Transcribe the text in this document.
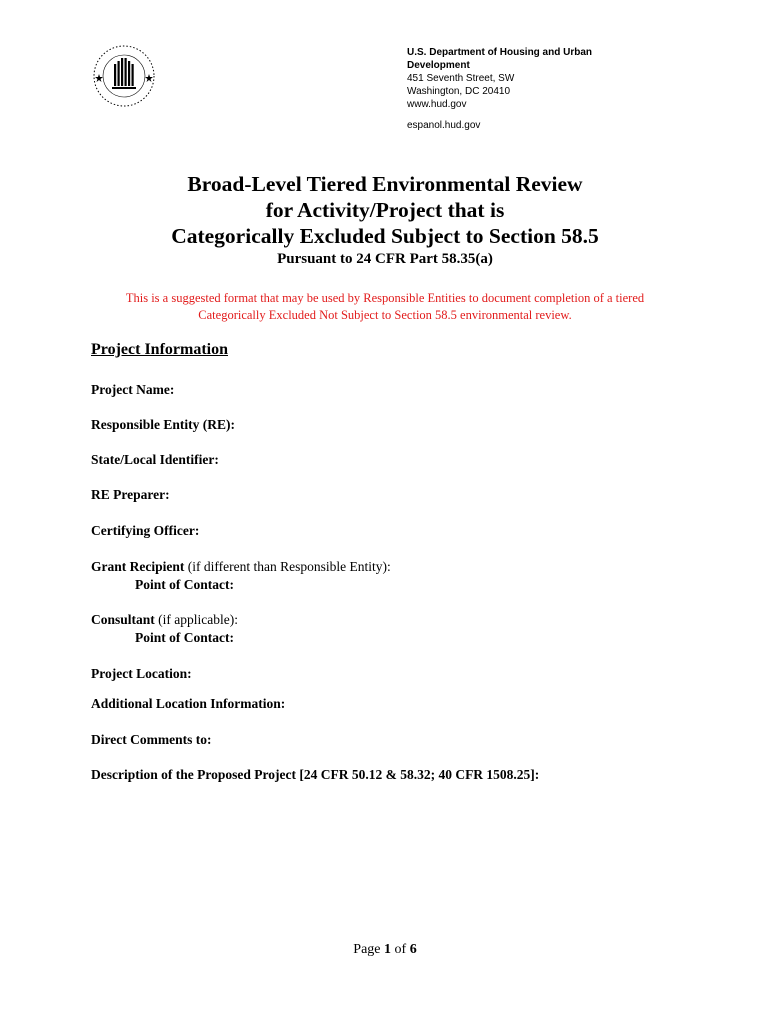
U.S. Department of Housing and Urban
Development
451 Seventh Street, SW
Washington, DC 20410
www.hud.gov
espanol.hud.gov
Broad-Level Tiered Environmental Review
for Activity/Project that is
Categorically Excluded Subject to Section 58.5
Pursuant to 24 CFR Part 58.35(a)
This is a suggested format that may be used by Responsible Entities to document completion of a tiered
Categorically Excluded Not Subject to Section 58.5 environmental review.
Project Information
Project Name:
Responsible Entity (RE):
State/Local Identifier:
RE Preparer:
Certifying Officer:
Grant Recipient (if different than Responsible Entity):
Point of Contact:
Consultant (if applicable):
Point of Contact:
Project Location:
Additional Location Information:
Direct Comments to:
Description of the Proposed Project [24 CFR 50.12 & 58.32; 40 CFR 1508.25]:
Page 1 of 6
